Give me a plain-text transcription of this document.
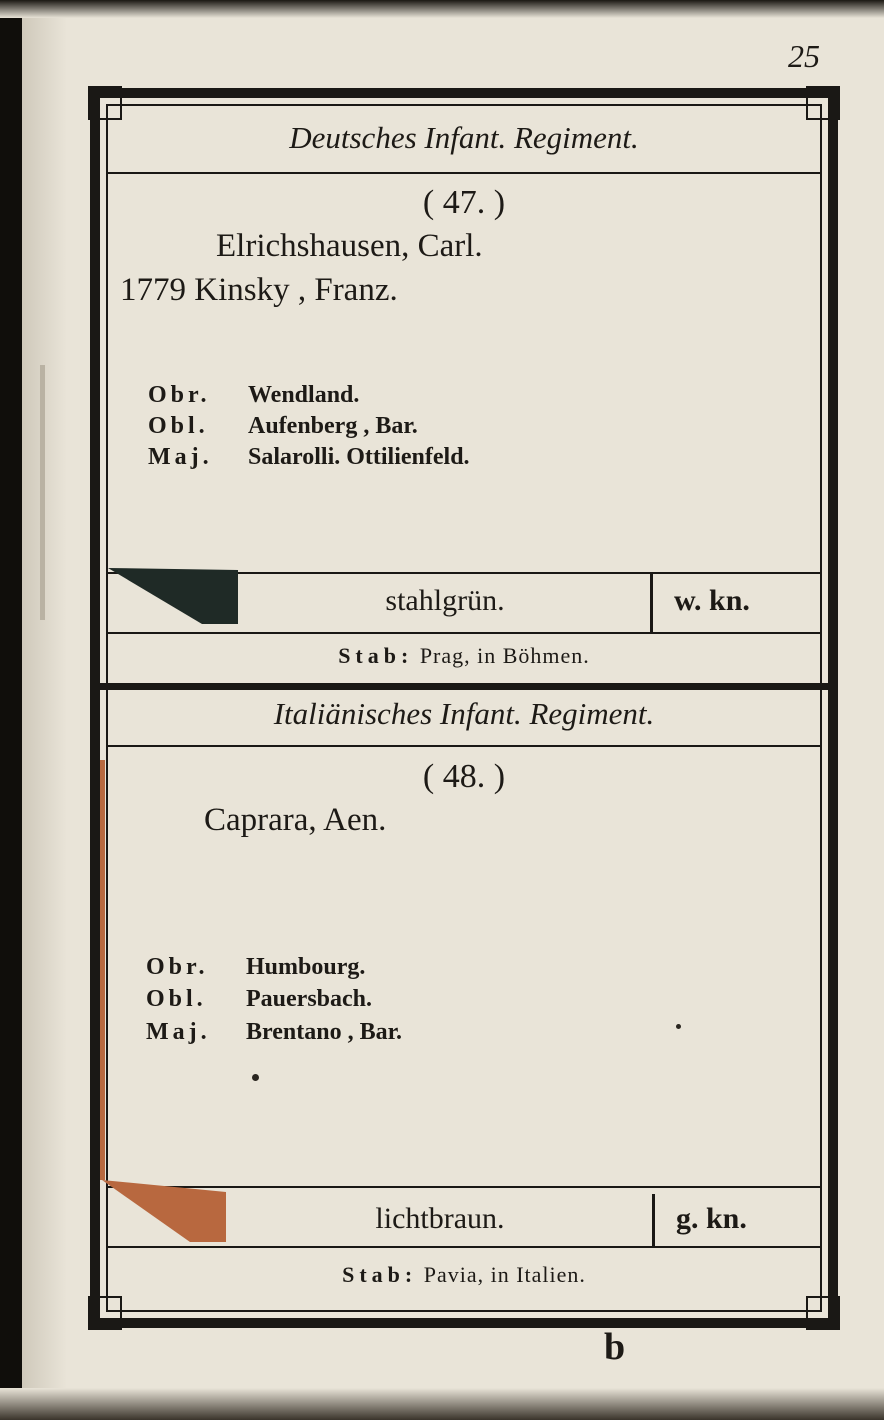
25
Deutsches Infant. Regiment.
( 47. )
Elrichshausen, Carl.
1779 Kinsky , Franz.
Obr. Wendland.
Obl. Aufenberg , Bar.
Maj. Salarolli. Ottilienfeld.
stahlgrün.	w. kn.
Stab: Prag, in Böhmen.
Italiänisches Infant. Regiment.
( 48. )
Caprara, Aen.
Obr. Humbourg.
Obl. Pauersbach.
Maj. Brentano , Bar.
lichtbraun.	g. kn.
Stab: Pavia, in Italien.
b
